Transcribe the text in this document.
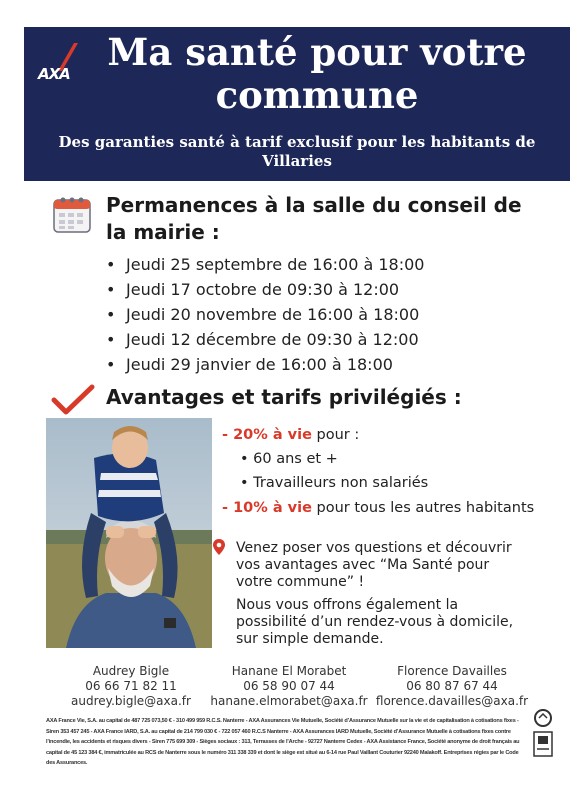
AXA	Ma santé pour votre commune
Des garanties santé à tarif exclusif pour les habitants de Villaries
Permanences à la salle du conseil de la mairie :
• Jeudi 25 septembre de 16:00 à 18:00
• Jeudi 17 octobre de 09:30 à 12:00
• Jeudi 20 novembre de 16:00 à 18:00
• Jeudi 12 décembre de 09:30 à 12:00
• Jeudi 29 janvier de 16:00 à 18:00
Avantages et tarifs privilégiés :
- 20% à vie pour :
• 60 ans et +
• Travailleurs non salariés
- 10% à vie pour tous les autres habitants
Venez poser vos questions et découvrir vos avantages avec “Ma Santé pour votre commune” !
Nous vous offrons également la possibilité d’un rendez-vous à domicile, sur simple demande.
Audrey Bigle
06 66 71 82 11
audrey.bigle@axa.fr
Hanane El Morabet
06 58 90 07 44
hanane.elmorabet@axa.fr
Florence Davailles
06 80 87 67 44
florence.davailles@axa.fr
AXA France Vie, S.A. au capital de 487 725 073,50 € - 310 499 959 R.C.S. Nanterre - AXA Assurances Vie Mutuelle, Société d’Assurance Mutuelle sur la vie et de capitalisation à cotisations fixes - Siren 353 457 245 - AXA France IARD, S.A. au capital de 214 799 030 € - 722 057 460 R.C.S Nanterre - AXA Assurances IARD Mutuelle, Société d’Assurance Mutuelle à cotisations fixes contre l’incendie, les accidents et risques divers - Siren 775 699 309 - Sièges sociaux : 313, Terrasses de l’Arche - 92727 Nanterre Cedex - AXA Assistance France, Société anonyme de droit français au capital de 45 123 384 €, immatriculée au RCS de Nanterre sous le numéro 311 338 339 et dont le siège est situé au 6-14 rue Paul Vaillant Couturier 92240 Malakoff. Entreprises régies par le Code des Assurances.
